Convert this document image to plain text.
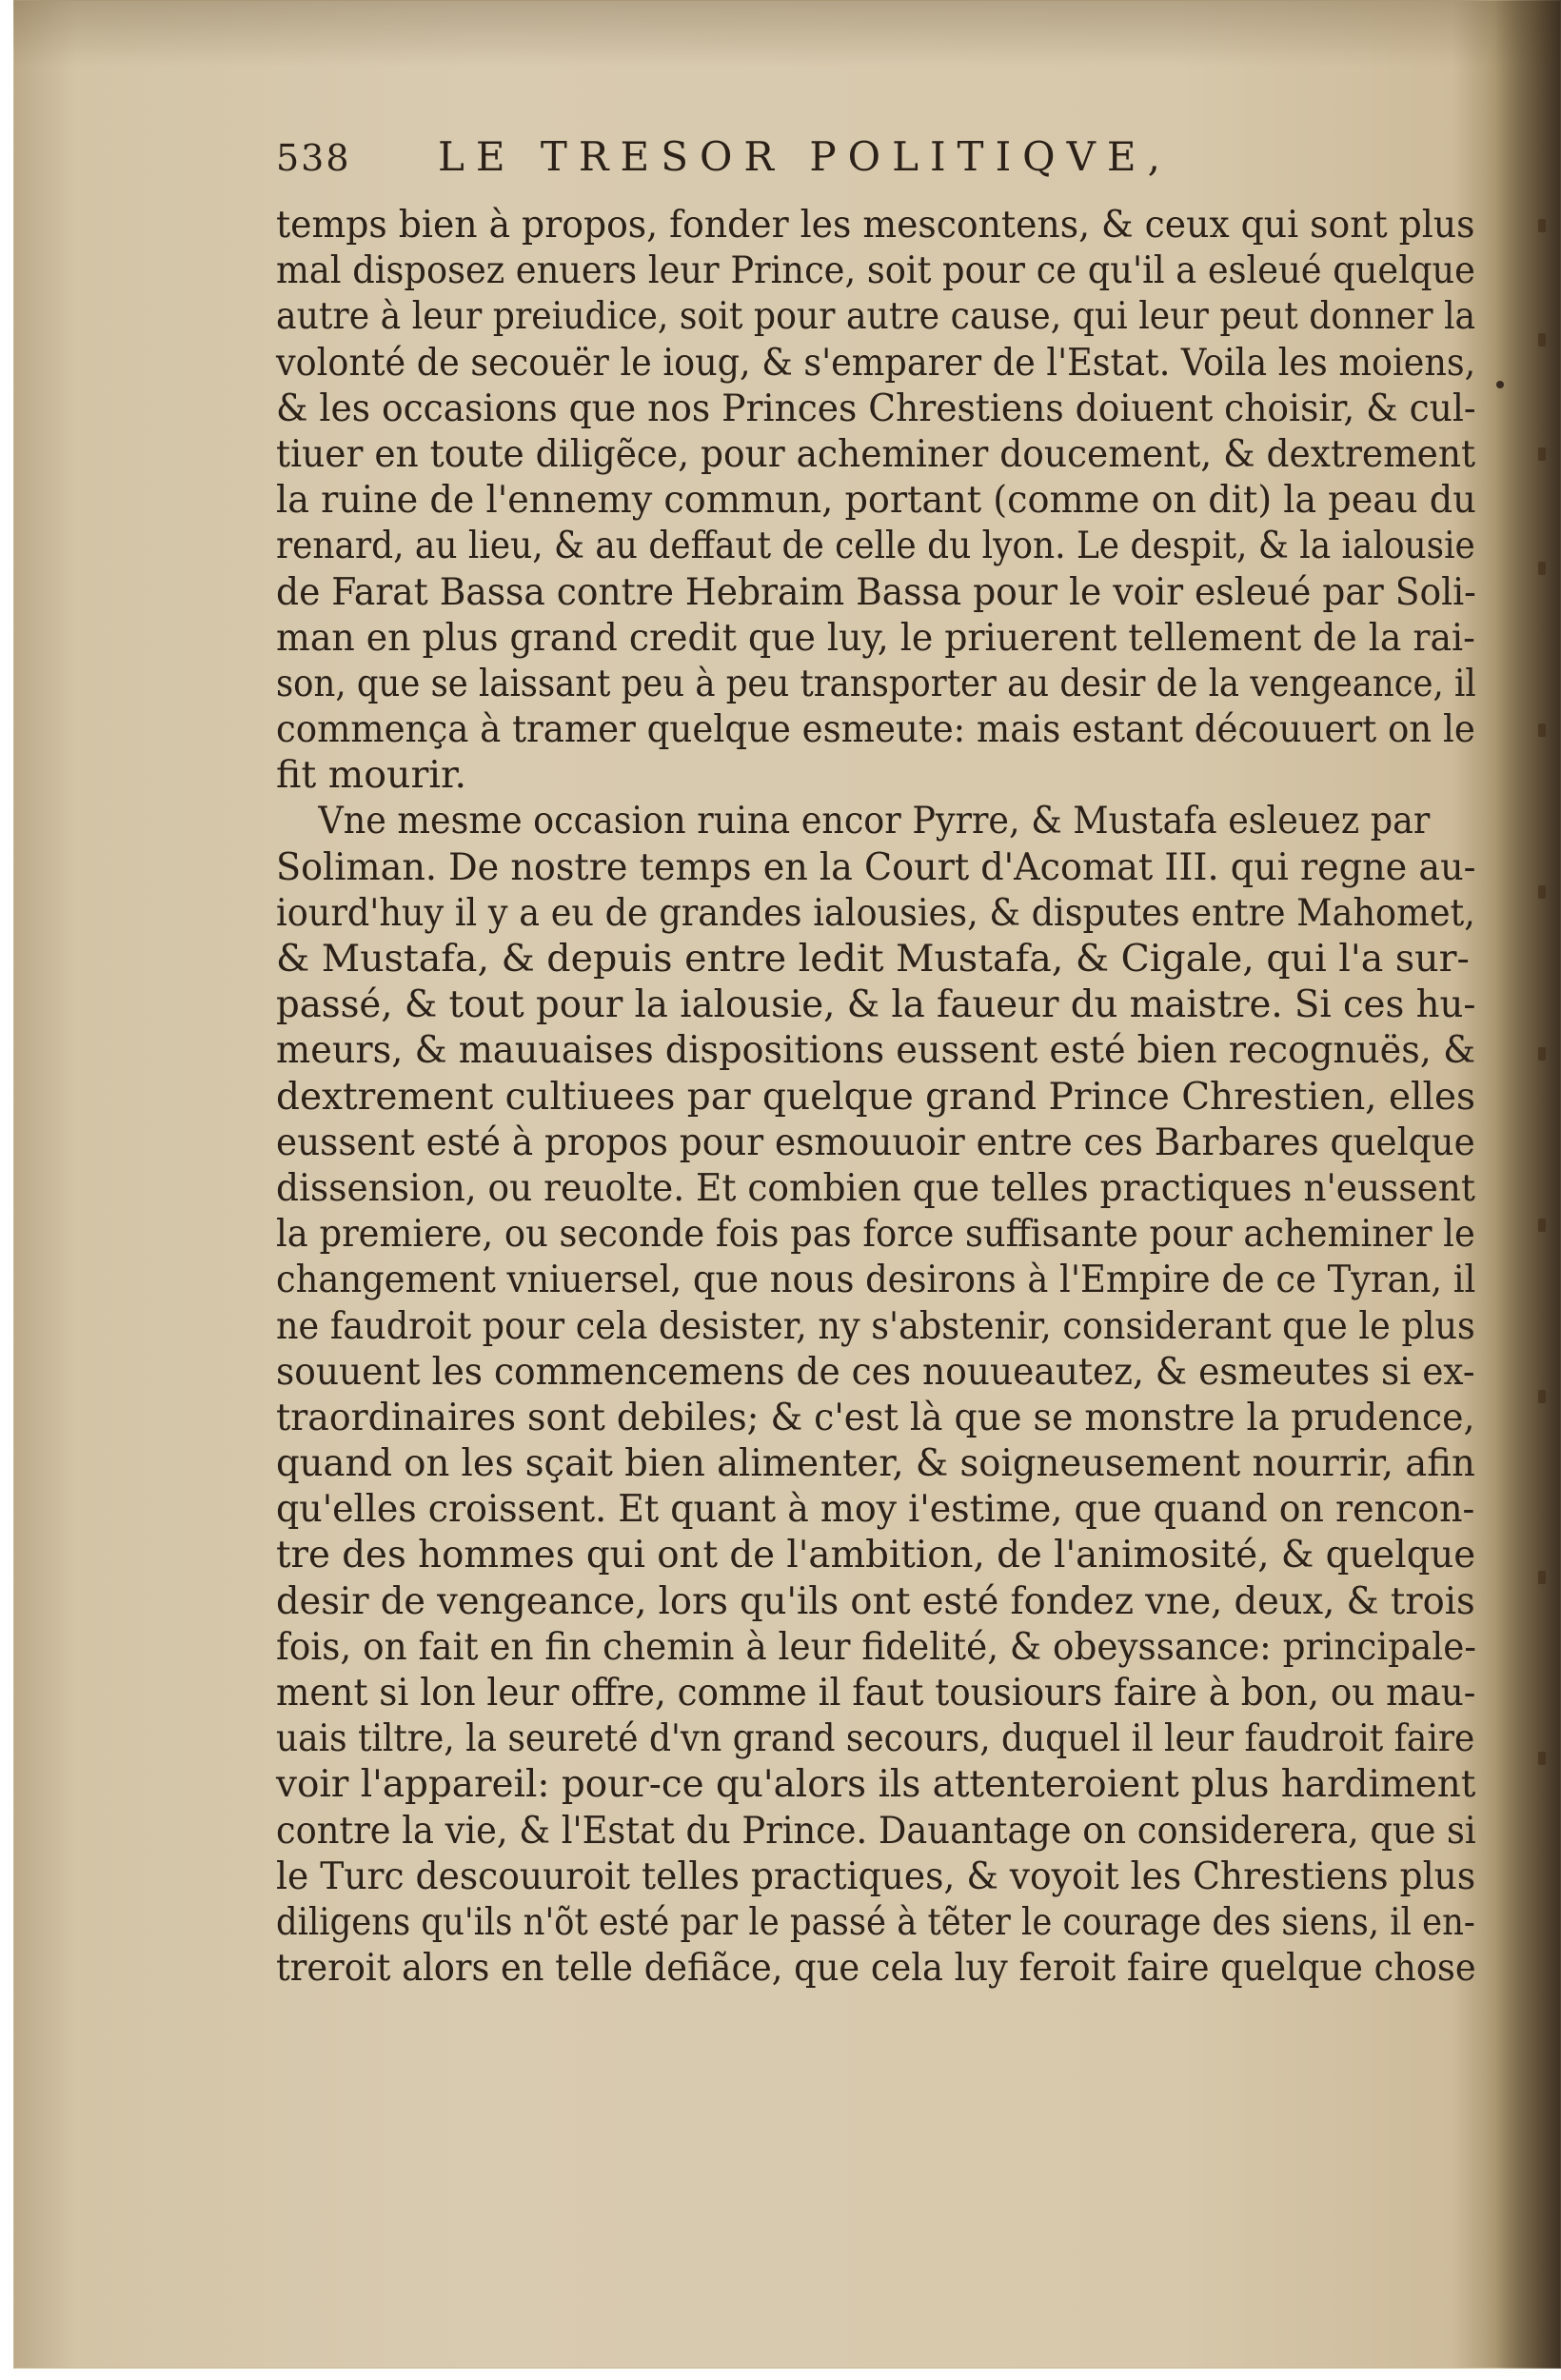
538	LE TRESOR POLITIQVE,
temps bien à propos, fonder les mescontens, & ceux qui sont plus
mal disposez enuers leur Prince, soit pour ce qu'il a esleué quelque
autre à leur preiudice, soit pour autre cause, qui leur peut donner la
volonté de secouër le ioug, & s'emparer de l'Estat. Voila les moiens,
& les occasions que nos Princes Chrestiens doiuent choisir, & cul-
tiuer en toute diligẽce, pour acheminer doucement, & dextrement
la ruine de l'ennemy commun, portant (comme on dit) la peau du
renard, au lieu, & au deffaut de celle du lyon. Le despit, & la ialousie
de Farat Bassa contre Hebraim Bassa pour le voir esleué par Soli-
man en plus grand credit que luy, le priuerent tellement de la rai-
son, que se laissant peu à peu transporter au desir de la vengeance, il
commença à tramer quelque esmeute: mais estant découuert on le
fit mourir.
Vne mesme occasion ruina encor Pyrre, & Mustafa esleuez par
Soliman. De nostre temps en la Court d'Acomat III. qui regne au-
iourd'huy il y a eu de grandes ialousies, & disputes entre Mahomet,
& Mustafa, & depuis entre ledit Mustafa, & Cigale, qui l'a sur-
passé, & tout pour la ialousie, & la faueur du maistre. Si ces hu-
meurs, & mauuaises dispositions eussent esté bien recognuës, &
dextrement cultiuees par quelque grand Prince Chrestien, elles
eussent esté à propos pour esmouuoir entre ces Barbares quelque
dissension, ou reuolte. Et combien que telles practiques n'eussent
la premiere, ou seconde fois pas force suffisante pour acheminer le
changement vniuersel, que nous desirons à l'Empire de ce Tyran, il
ne faudroit pour cela desister, ny s'abstenir, considerant que le plus
souuent les commencemens de ces nouueautez, & esmeutes si ex-
traordinaires sont debiles; & c'est là que se monstre la prudence,
quand on les sçait bien alimenter, & soigneusement nourrir, afin
qu'elles croissent. Et quant à moy i'estime, que quand on rencon-
tre des hommes qui ont de l'ambition, de l'animosité, & quelque
desir de vengeance, lors qu'ils ont esté fondez vne, deux, & trois
fois, on fait en fin chemin à leur fidelité, & obeyssance: principale-
ment si lon leur offre, comme il faut tousiours faire à bon, ou mau-
uais tiltre, la seureté d'vn grand secours, duquel il leur faudroit faire
voir l'appareil: pour-ce qu'alors ils attenteroient plus hardiment
contre la vie, & l'Estat du Prince. Dauantage on considerera, que si
le Turc descouuroit telles practiques, & voyoit les Chrestiens plus
diligens qu'ils n'õt esté par le passé à tẽter le courage des siens, il en-
treroit alors en telle defiãce, que cela luy feroit faire quelque chose
